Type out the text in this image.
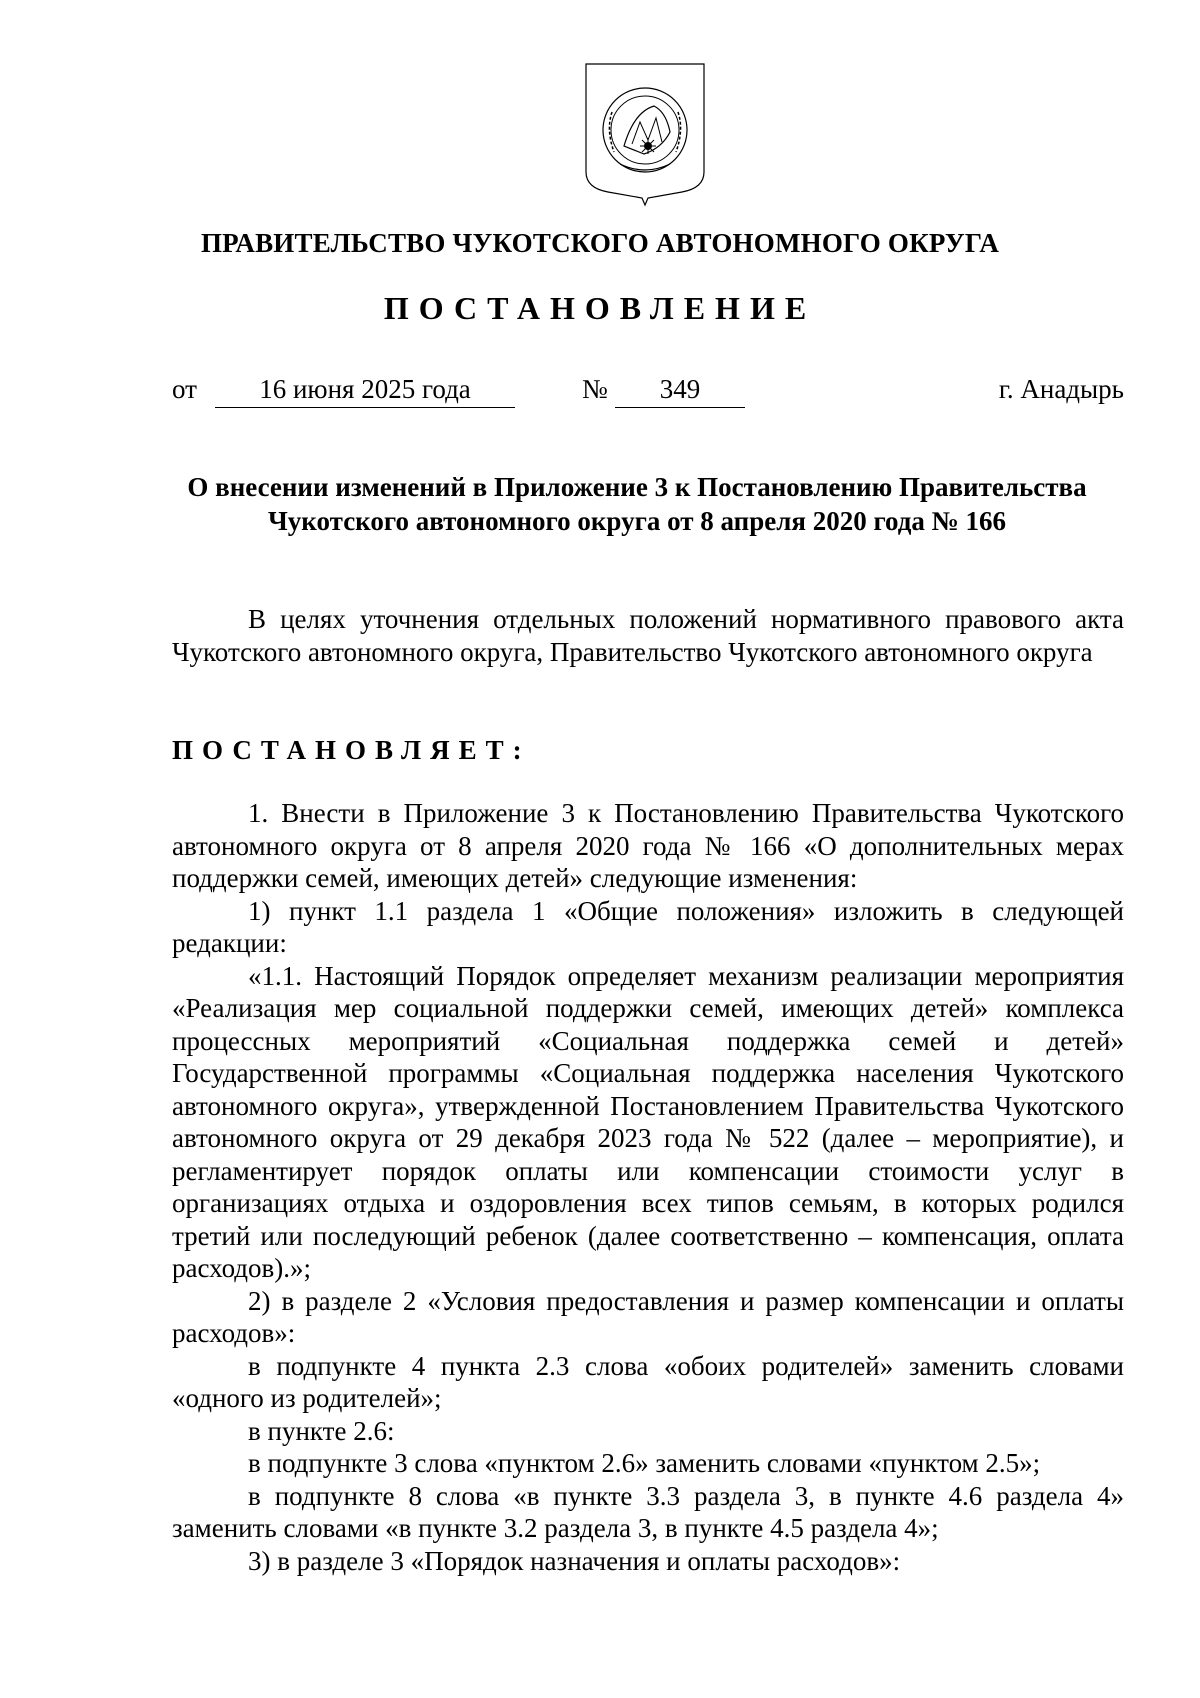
ПРАВИТЕЛЬСТВО ЧУКОТСКОГО АВТОНОМНОГО ОКРУГА
ПОСТАНОВЛЕНИЕ
от	16 июня 2025 года	№	349	г. Анадырь
О внесении изменений в Приложение 3 к Постановлению Правительства
Чукотского автономного округа от 8 апреля 2020 года № 166

В целях уточнения отдельных положений нормативного правового акта Чукотского автономного округа, Правительство Чукотского автономного округа

ПОСТАНОВЛЯЕТ:

1. Внести в Приложение 3 к Постановлению Правительства Чукотского автономного округа от 8 апреля 2020 года № 166 «О дополнительных мерах поддержки семей, имеющих детей» следующие изменения:

1) пункт 1.1 раздела 1 «Общие положения» изложить в следующей редакции:

«1.1. Настоящий Порядок определяет механизм реализации мероприятия «Реализация мер социальной поддержки семей, имеющих детей» комплекса процессных мероприятий «Социальная поддержка семей и детей» Государственной программы «Социальная поддержка населения Чукотского автономного округа», утвержденной Постановлением Правительства Чукотского автономного округа от 29 декабря 2023 года № 522 (далее – мероприятие), и регламентирует порядок оплаты или компенсации стоимости услуг в организациях отдыха и оздоровления всех типов семьям, в которых родился третий или последующий ребенок (далее соответственно – компенсация, оплата расходов).»;

2) в разделе 2 «Условия предоставления и размер компенсации и оплаты расходов»:

в подпункте 4 пункта 2.3 слова «обоих родителей» заменить словами «одного из родителей»;

в пункте 2.6:

в подпункте 3 слова «пунктом 2.6» заменить словами «пунктом 2.5»;

в подпункте 8 слова «в пункте 3.3 раздела 3, в пункте 4.6 раздела 4» заменить словами «в пункте 3.2 раздела 3, в пункте 4.5 раздела 4»;

3) в разделе 3 «Порядок назначения и оплаты расходов»:
